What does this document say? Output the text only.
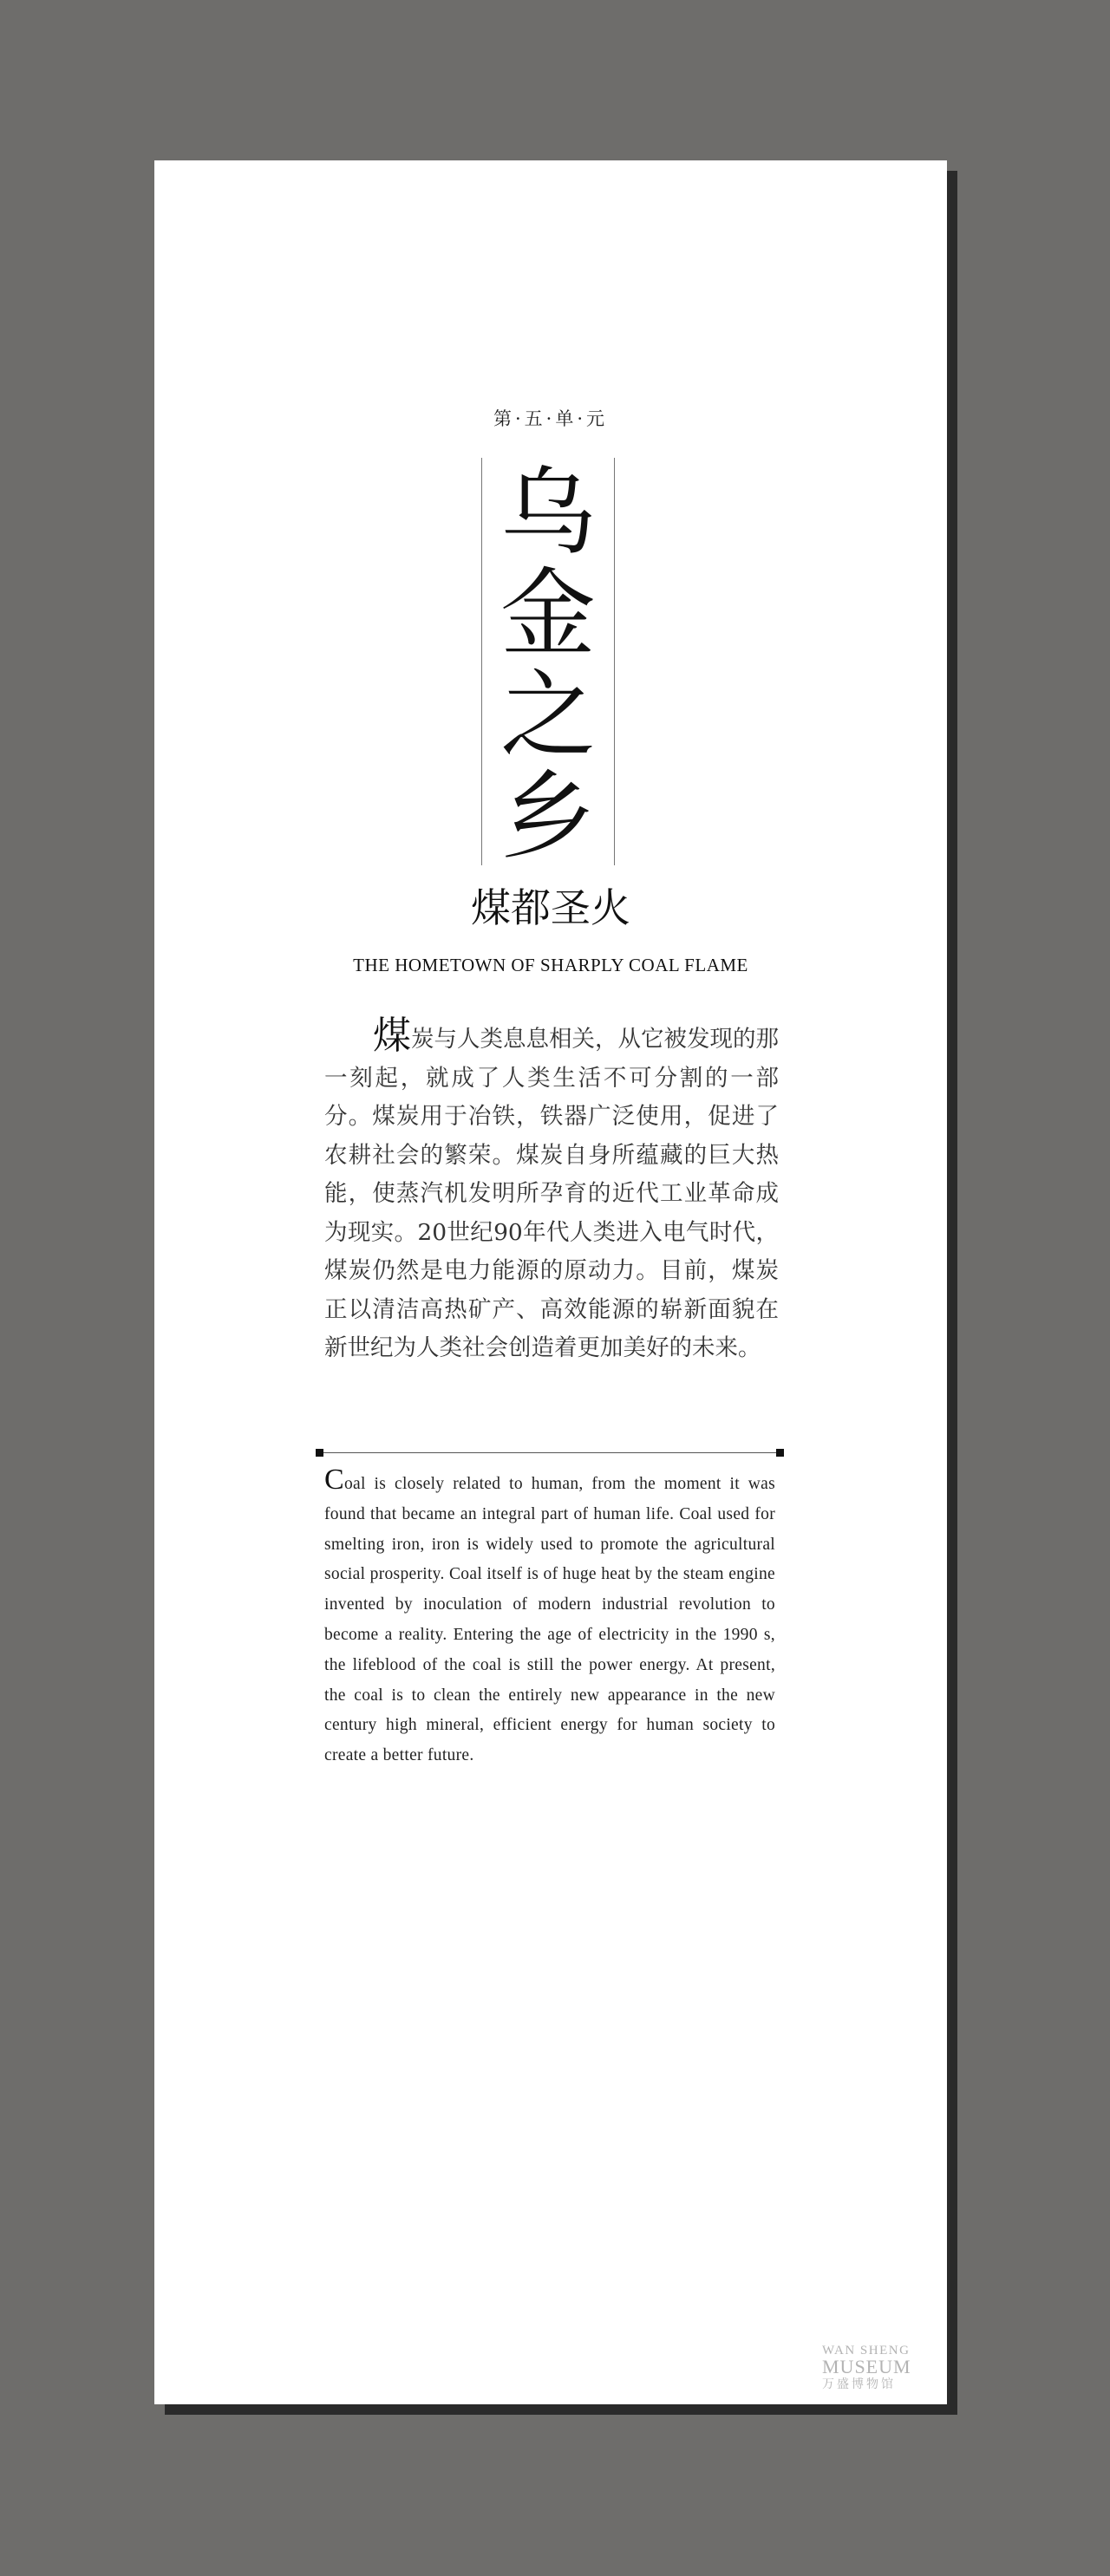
第·五·单·元
乌
金
之
乡
煤都圣火
THE HOMETOWN OF SHARPLY COAL FLAME
煤炭与人类息息相关，从它被发现的那一刻起，就成了人类生活不可分割的一部分。煤炭用于冶铁，铁器广泛使用，促进了农耕社会的繁荣。煤炭自身所蕴藏的巨大热能，使蒸汽机发明所孕育的近代工业革命成为现实。20世纪90年代人类进入电气时代，煤炭仍然是电力能源的原动力。目前，煤炭正以清洁高热矿产、高效能源的崭新面貌在新世纪为人类社会创造着更加美好的未来。
Coal is closely related to human, from the moment it was found that became an integral part of human life. Coal used for smelting iron, iron is widely used to promote the agricultural social prosperity. Coal itself is of huge heat by the steam engine invented by inoculation of modern industrial revolution to become a reality. Entering the age of electricity in the 1990 s, the lifeblood of the coal is still the power energy. At present, the coal is to clean the entirely new appearance in the new century high mineral, efficient energy for human society to create a better future.
WAN SHENG
MUSEUM
万盛博物馆
